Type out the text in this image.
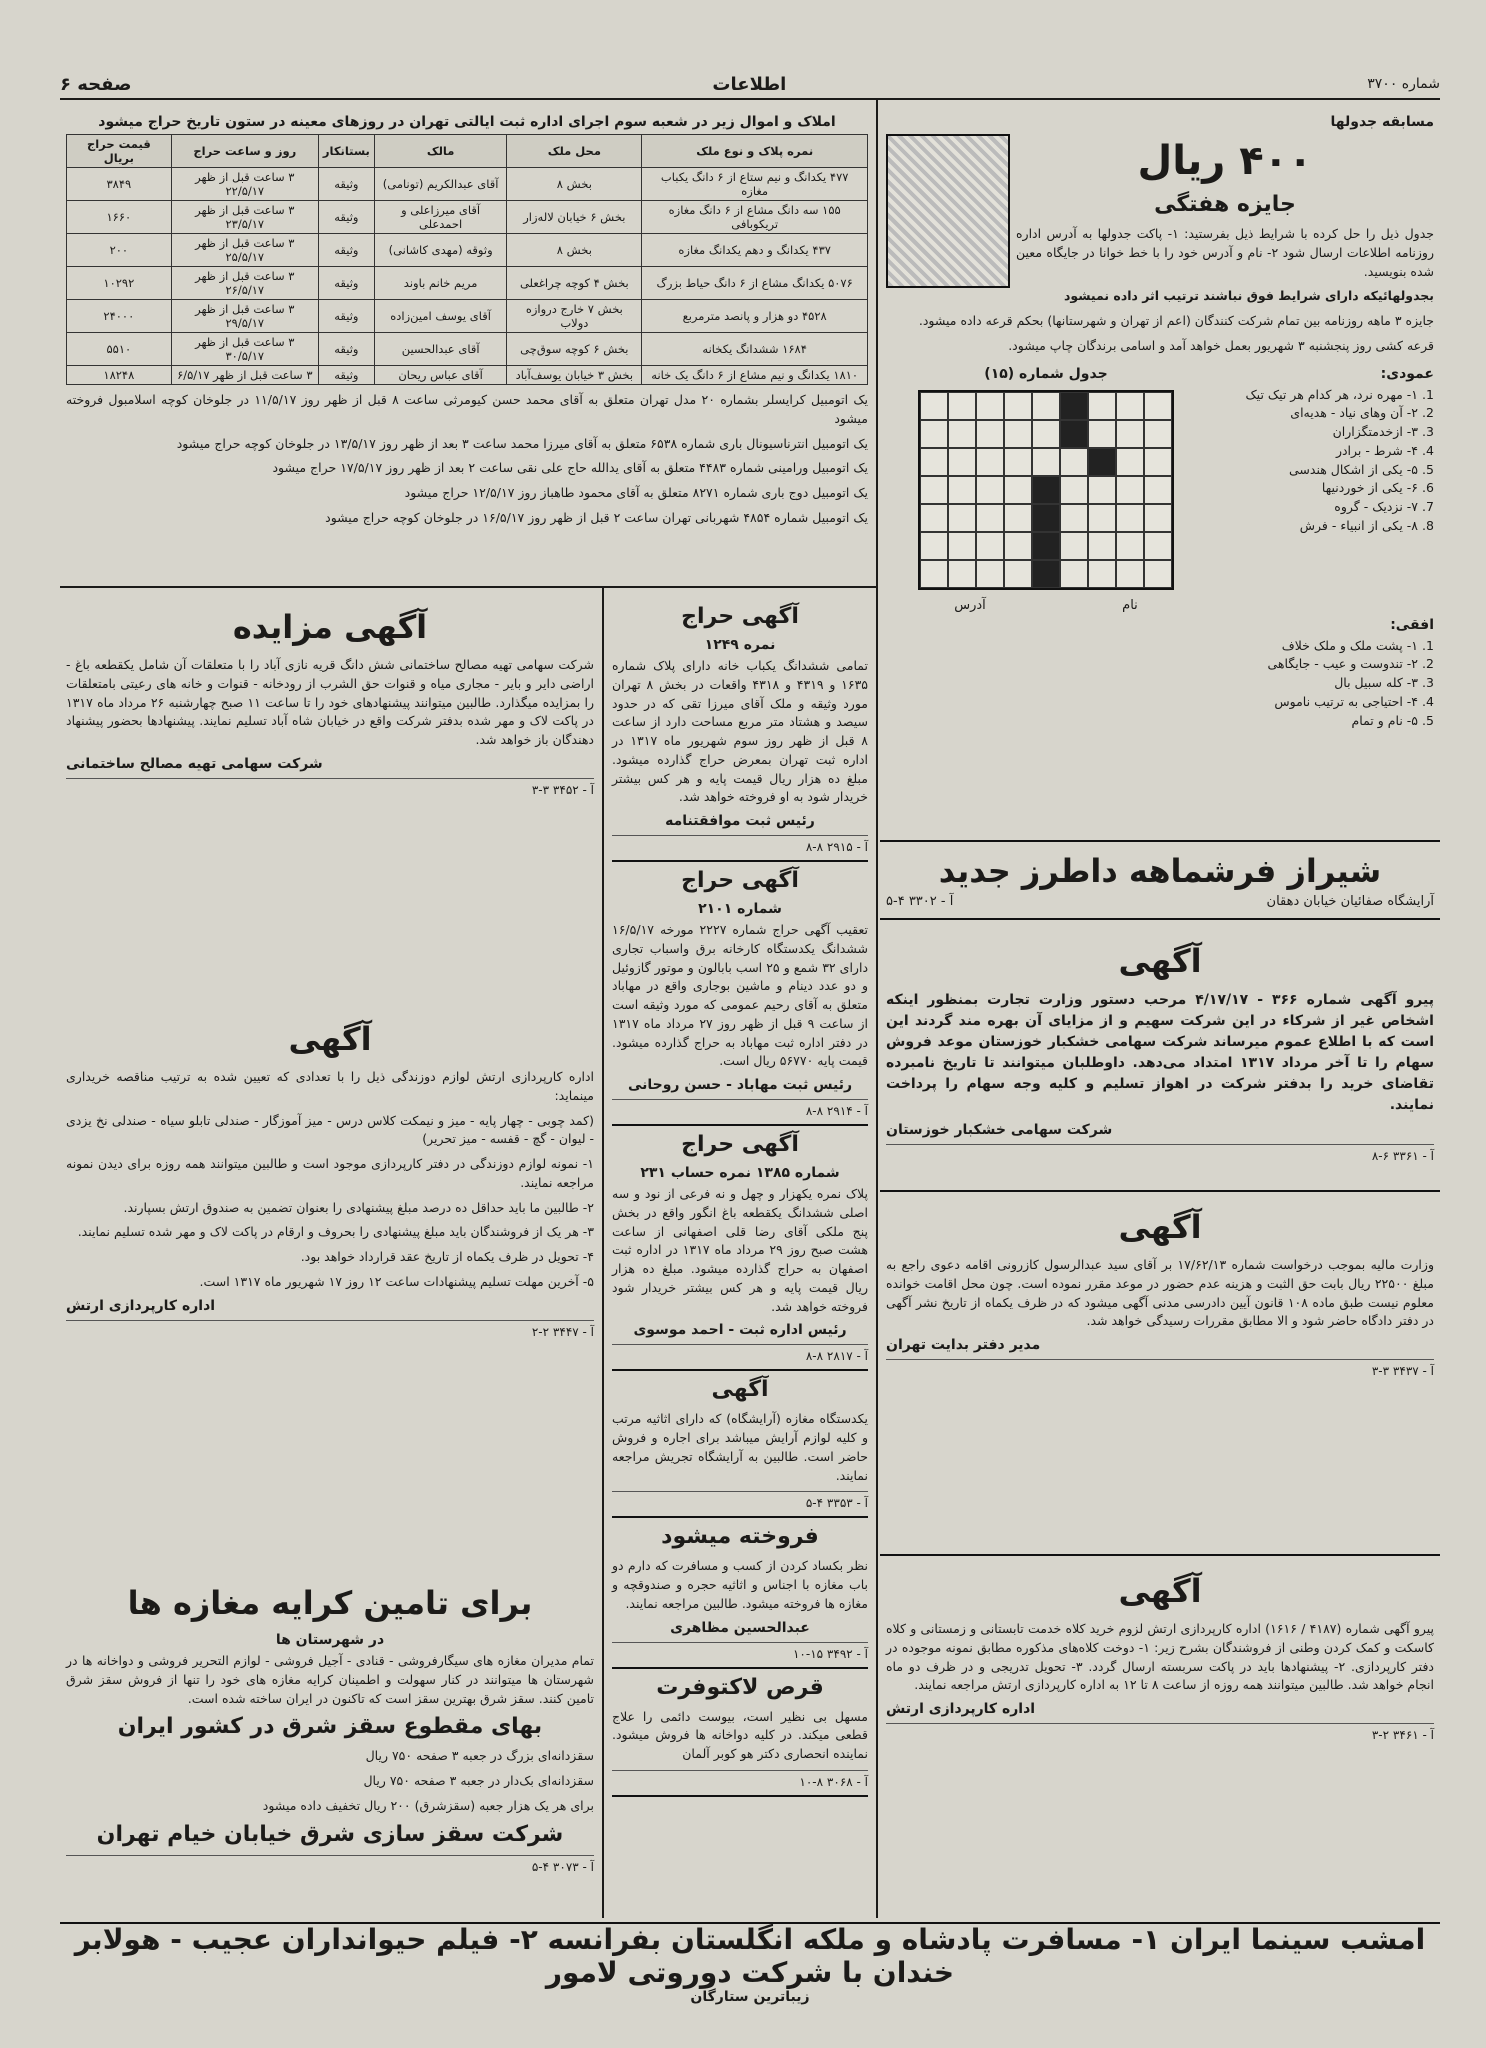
صفحه ۶	اطلاعات	شماره ۳۷۰۰
مسابقه جدولها
۴۰۰ ریال
جایزه هفتگی

جدول ذیل را حل کرده با شرایط ذیل بفرستید: ۱- پاکت جدولها به آدرس اداره روزنامه اطلاعات ارسال شود ۲- نام و آدرس خود را با خط خوانا در جایگاه معین شده بنویسید.

بجدولهائیکه دارای شرایط فوق نباشند ترتیب اثر داده نمیشود

جایزه ۳ ماهه روزنامه بین تمام شرکت کنندگان (اعم از تهران و شهرستانها) بحکم قرعه داده میشود.

قرعه کشی روز پنجشنبه ۳ شهریور بعمل خواهد آمد و اسامی برندگان چاپ میشود.

عمودی:
1. ۱- مهره نرد، هر کدام هر تیک تیک
2. ۲- آن وهای نیاد - هدیه‌ای
3. ۳- ازخدمتگزاران
4. ۴- شرط - برادر
5. ۵- یکی از اشکال هندسی
6. ۶- یکی از خوردنیها
7. ۷- نزدیک - گروه
8. ۸- یکی از انبیاء - فرش
جدول شماره (۱۵)
نام
آدرس
افقی:
1. ۱- پشت ملک و ملک خلاف
2. ۲- تندوست و عیب - جایگاهی
3. ۳- کله سبیل بال
4. ۴- احتیاجی به ترتیب ناموس
5. ۵- نام و تمام
املاک و اموال زیر در شعبه سوم اجرای اداره ثبت ایالتی تهران در روزهای معینه در ستون تاریخ حراج میشود
نمره پلاک و نوع ملک	محل ملک	مالک	بستانکار	روز و ساعت حراج	قیمت حراج بریال
۴۷۷ یکدانگ و نیم ستاع از ۶ دانگ یکباب مغازه	بخش ۸	آقای عبدالکریم (تونامی)	وثیقه	۳ ساعت قبل از ظهر ۲۲/۵/۱۷	۳۸۴۹
۱۵۵ سه دانگ مشاع از ۶ دانگ مغازه تریکوبافی	بخش ۶ خیابان لاله‌زار	آقای میرزاعلی و احمدعلی	وثیقه	۳ ساعت قبل از ظهر ۲۳/۵/۱۷	۱۶۶۰
۴۳۷ یکدانگ و دهم یکدانگ مغازه	بخش ۸	وثوقه (مهدی کاشانی)	وثیقه	۳ ساعت قبل از ظهر ۲۵/۵/۱۷	۲۰۰
۵۰۷۶ یکدانگ مشاع از ۶ دانگ حیاط بزرگ	بخش ۴ کوچه چراغعلی	مریم خانم باوند	وثیقه	۳ ساعت قبل از ظهر ۲۶/۵/۱۷	۱۰۲۹۲
۴۵۲۸ دو هزار و پانصد مترمربع	بخش ۷ خارج دروازه دولاب	آقای یوسف امین‌زاده	وثیقه	۳ ساعت قبل از ظهر ۲۹/۵/۱۷	۲۴۰۰۰
۱۶۸۴ ششدانگ یکخانه	بخش ۶ کوچه سوق‌چی	آقای عبدالحسین	وثیقه	۳ ساعت قبل از ظهر ۳۰/۵/۱۷	۵۵۱۰
۱۸۱۰ یکدانگ و نیم مشاع از ۶ دانگ یک خانه	بخش ۳ خیابان یوسف‌آباد	آقای عباس ریحان	وثیقه	۳ ساعت قبل از ظهر ۶/۵/۱۷	۱۸۲۴۸

یک اتومبیل کرایسلر بشماره ۲۰ مدل تهران متعلق به آقای محمد حسن کیومرثی ساعت ۸ قبل از ظهر روز ۱۱/۵/۱۷ در جلوخان کوچه اسلامبول فروخته میشود

یک اتومبیل انترناسیونال باری شماره ۶۵۳۸ متعلق به آقای میرزا محمد ساعت ۳ بعد از ظهر روز ۱۳/۵/۱۷ در جلوخان کوچه حراج میشود

یک اتومبیل ورامینی شماره ۴۴۸۳ متعلق به آقای یدالله حاج علی نقی ساعت ۲ بعد از ظهر روز ۱۷/۵/۱۷ حراج میشود

یک اتومبیل دوج باری شماره ۸۲۷۱ متعلق به آقای محمود طاهباز روز ۱۲/۵/۱۷ حراج میشود

یک اتومبیل شماره ۴۸۵۴ شهربانی تهران ساعت ۲ قبل از ظهر روز ۱۶/۵/۱۷ در جلوخان کوچه حراج میشود

آگهی مزایده

شرکت سهامی تهیه مصالح ساختمانی شش دانگ قریه نازی آباد را با متعلقات آن شامل یکقطعه باغ - اراضی دایر و بایر - مجاری میاه و قنوات حق الشرب از رودخانه - قنوات و خانه های رعیتی بامتعلقات را بمزایده میگذارد. طالبین میتوانند پیشنهادهای خود را تا ساعت ۱۱ صبح چهارشنبه ۲۶ مرداد ماه ۱۳۱۷ در پاکت لاک و مهر شده بدفتر شرکت واقع در خیابان شاه آباد تسلیم نمایند. پیشنهادها بحضور پیشنهاد دهندگان باز خواهد شد.

شرکت سهامی تهیه مصالح ساختمانی
آ - ۳۴۵۲ ۳-۳
آگهی

اداره کارپردازی ارتش لوازم دوزندگی ذیل را با تعدادی که تعیین شده به ترتیب مناقصه خریداری مینماید:

(کمد چوبی - چهار پایه - میز و نیمکت کلاس درس - میز آموزگار - صندلی تابلو سیاه - صندلی نخ یزدی - لیوان - گچ - قفسه - میز تحریر)

۱- نمونه لوازم دوزندگی در دفتر کارپردازی موجود است و طالبین میتوانند همه روزه برای دیدن نمونه مراجعه نمایند.

۲- طالبین ما باید حداقل ده درصد مبلغ پیشنهادی را بعنوان تضمین به صندوق ارتش بسپارند.

۳- هر یک از فروشندگان باید مبلغ پیشنهادی را بحروف و ارقام در پاکت لاک و مهر شده تسلیم نمایند.

۴- تحویل در ظرف یکماه از تاریخ عقد قرارداد خواهد بود.

۵- آخرین مهلت تسلیم پیشنهادات ساعت ۱۲ روز ۱۷ شهریور ماه ۱۳۱۷ است.

اداره کارپردازی ارتش
آ - ۳۴۴۷ ۲-۲
برای تامین کرایه مغازه ها
در شهرستان ها

تمام مدیران مغازه های سیگارفروشی - قنادی - آجیل فروشی - لوازم التحریر فروشی و دواخانه ها در شهرستان ها میتوانند در کنار سهولت و اطمینان کرایه مغازه های خود را تنها از فروش سقز شرق تامین کنند. سقز شرق بهترین سقز است که تاکنون در ایران ساخته شده است.

بهای مقطوع سقز شرق در کشور ایران

سقزدانه‌ای بزرگ در جعبه ۳ صفحه ۷۵۰ ریال

سقزدانه‌ای بک‌دار در جعبه ۳ صفحه ۷۵۰ ریال

برای هر یک هزار جعبه (سقزشرق) ۲۰۰ ریال تخفیف داده میشود

شرکت سقز سازی شرق خیابان خیام تهران
آ - ۳۰۷۳ ۴-۵
آگهی حراج
نمره ۱۲۴۹

تمامی ششدانگ یکباب خانه دارای پلاک شماره ۱۶۳۵ و ۴۳۱۹ و ۴۳۱۸ واقعات در بخش ۸ تهران مورد وثیقه و ملک آقای میرزا تقی که در حدود سیصد و هشتاد متر مربع مساحت دارد از ساعت ۸ قبل از ظهر روز سوم شهریور ماه ۱۳۱۷ در اداره ثبت تهران بمعرض حراج گذارده میشود. مبلغ ده هزار ریال قیمت پایه و هر کس بیشتر خریدار شود به او فروخته خواهد شد.

رئیس ثبت موافقتنامه
آ - ۲۹۱۵ ۸-۸
آگهی حراج
شماره ۲۱۰۱

تعقیب آگهی حراج شماره ۲۲۲۷ مورخه ۱۶/۵/۱۷ ششدانگ یکدستگاه کارخانه برق واسباب تجاری دارای ۳۲ شمع و ۲۵ اسب بابالون و موتور گازوئیل و دو عدد دینام و ماشین بوجاری واقع در مهاباد متعلق به آقای رحیم عمومی که مورد وثیقه است از ساعت ۹ قبل از ظهر روز ۲۷ مرداد ماه ۱۳۱۷ در دفتر اداره ثبت مهاباد به حراج گذارده میشود. قیمت پایه ۵۶۷۷۰ ریال است.

رئیس ثبت مهاباد - حسن روحانی
آ - ۲۹۱۴ ۸-۸
آگهی حراج
شماره ۱۳۸۵ نمره حساب ۲۳۱

پلاک نمره یکهزار و چهل و نه فرعی از نود و سه اصلی ششدانگ یکقطعه باغ انگور واقع در بخش پنج ملکی آقای رضا قلی اصفهانی از ساعت هشت صبح روز ۲۹ مرداد ماه ۱۳۱۷ در اداره ثبت اصفهان به حراج گذارده میشود. مبلغ ده هزار ریال قیمت پایه و هر کس بیشتر خریدار شود فروخته خواهد شد.

رئیس اداره ثبت - احمد موسوی
آ - ۲۸۱۷ ۸-۸
آگهی

یکدستگاه مغازه (آرایشگاه) که دارای اثاثیه مرتب و کلیه لوازم آرایش میباشد برای اجاره و فروش حاضر است. طالبین به آرایشگاه تجریش مراجعه نمایند.

آ - ۳۳۵۳ ۴-۵
فروخته میشود

نظر بکساد کردن از کسب و مسافرت که دارم دو باب مغازه با اجناس و اثاثیه حجره و صندوقچه و مغازه ها فروخته میشود. طالبین مراجعه نمایند.

عبدالحسین مظاهری
آ - ۳۴۹۲ ۱۵-۱۰
قرص لاکتوفرت

مسهل بی نظیر است، بیوست دائمی را علاج قطعی میکند. در کلیه دواخانه ها فروش میشود. نماینده انحصاری دکتر هو کوبر آلمان

آ - ۳۰۶۸ ۸-۱۰
شیراز فرشماهه داطرز جدید
آرایشگاه صفائیان خیابان دهقان
آ - ۳۳۰۲ ۴-۵
آگهی

پیرو آگهی شماره ۳۶۶ - ۴/۱۷/۱۷ مرحب دستور وزارت تجارت بمنظور اینکه اشخاص غیر از شرکاء در این شرکت سهیم و از مزایای آن بهره مند گردند این است که با اطلاع عموم میرساند شرکت سهامی خشکبار خوزستان موعد فروش سهام را تا آخر مرداد ۱۳۱۷ امتداد می‌دهد. داوطلبان میتوانند تا تاریخ نامبرده تقاضای خرید را بدفتر شرکت در اهواز تسلیم و کلیه وجه سهام را پرداخت نمایند.

شرکت سهامی خشکبار خوزستان
آ - ۳۳۶۱ ۶-۸
آگهی

وزارت مالیه بموجب درخواست شماره ۱۷/۶۲/۱۳ بر آقای سید عبدالرسول کازرونی اقامه دعوی راجع به مبلغ ۲۲۵۰۰ ریال بابت حق الثبت و هزینه عدم حضور در موعد مقرر نموده است. چون محل اقامت خوانده معلوم نیست طبق ماده ۱۰۸ قانون آیین دادرسی مدنی آگهی میشود که در ظرف یکماه از تاریخ نشر آگهی در دفتر دادگاه حاضر شود و الا مطابق مقررات رسیدگی خواهد شد.

مدیر دفتر بدایت تهران
آ - ۳۴۳۷ ۳-۳
آگهی

پیرو آگهی شماره (۴۱۸۷ / ۱۶۱۶) اداره کارپردازی ارتش لزوم خرید کلاه خدمت تابستانی و زمستانی و کلاه کاسکت و کمک کردن وطنی از فروشندگان بشرح زیر: ۱- دوخت کلاه‌های مذکوره مطابق نمونه موجوده در دفتر کارپردازی. ۲- پیشنهادها باید در پاکت سربسته ارسال گردد. ۳- تحویل تدریجی و در ظرف دو ماه انجام خواهد شد. طالبین میتوانند همه روزه از ساعت ۸ تا ۱۲ به اداره کارپردازی ارتش مراجعه نمایند.

اداره کارپردازی ارتش
آ - ۳۴۶۱ ۲-۳
امشب سینما ایران ۱- مسافرت پادشاه و ملکه انگلستان بفرانسه ۲- فیلم حیوانداران عجیب - هولابر خندان با شرکت دوروتی لامور
زیباترین ستارگان
